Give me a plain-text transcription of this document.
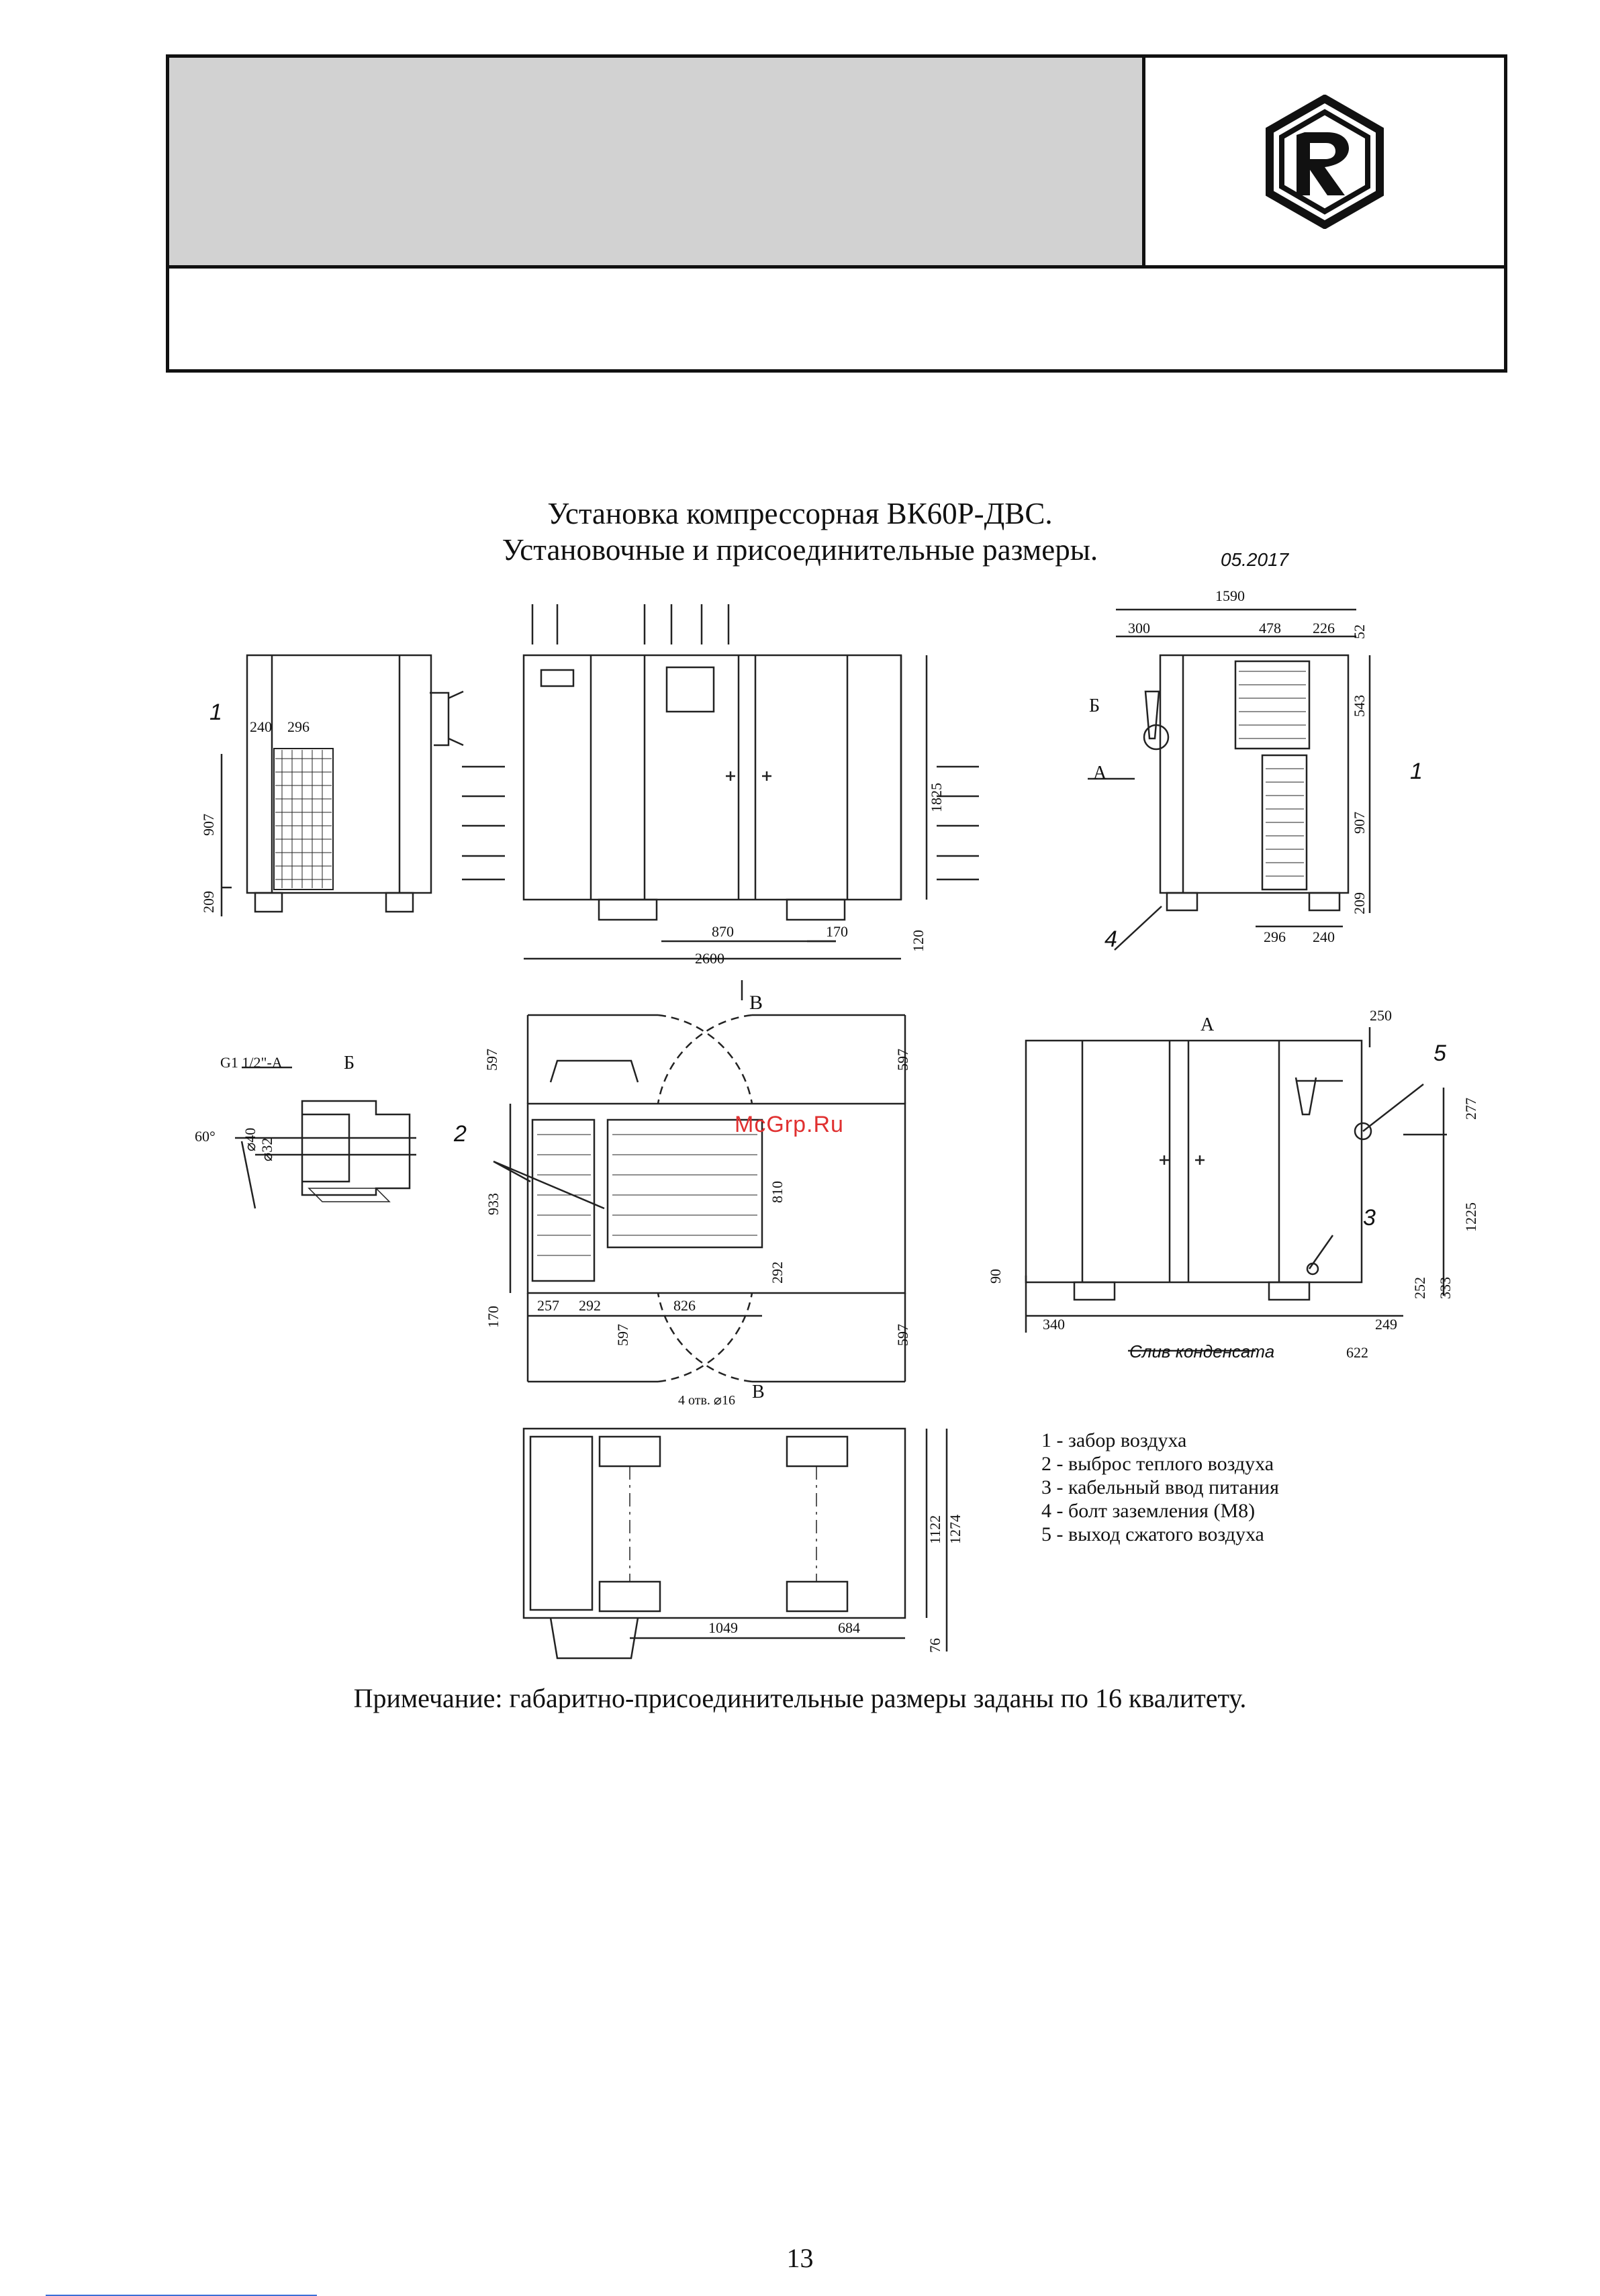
Установка компрессорная ВК60Р-ДВС.
Установочные и присоединительные размеры.	05.2017
1
240 296
907
209
1825
870	170
2600
120
В
1590
300	478 226 52
543
907
209
296 240
Б
А	1
4
G1 1/2"-А	Б
60° ⌀40 ⌀32
597	597
933
810
292
257 292	826
170
597	597
2
А	250
277
1225
90
252 333
340	249
622
3
5
Слив конденсата
В
4 отв. ⌀16
1122 1274
1049	684
76
McGrp.Ru
1 - забор воздуха
2 - выброс теплого воздуха
3 - кабельный ввод питания
4 - болт заземления (М8)
5 - выход сжатого воздуха
Примечание: габаритно-присоединительные размеры заданы по 16 квалитету.
13
